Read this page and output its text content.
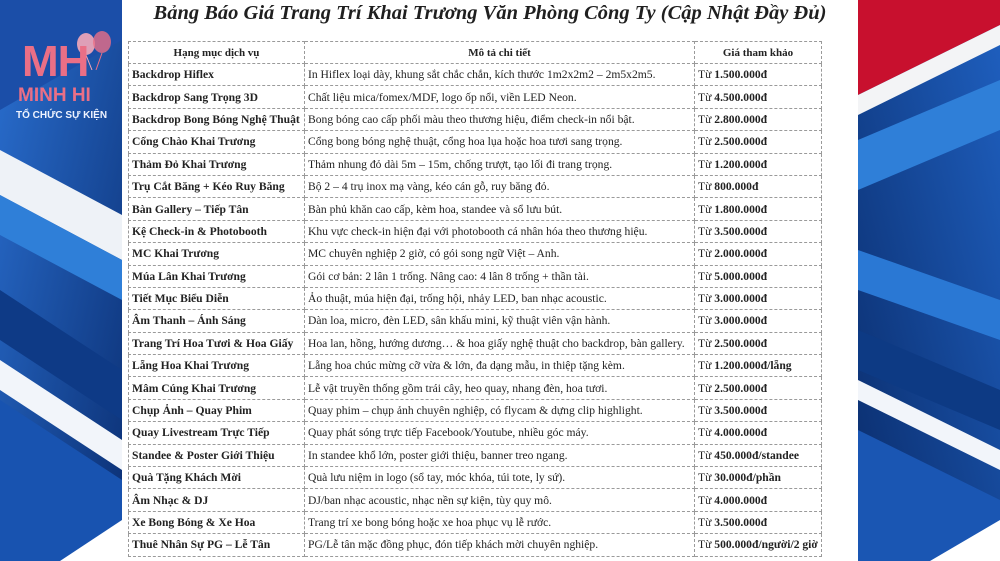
MH
MINH HI
TỔ CHỨC SỰ KIỆN
Bảng Báo Giá Trang Trí Khai Trương Văn Phòng Công Ty (Cập Nhật Đầy Đủ)
Hạng mục dịch vụ	Mô tả chi tiết	Giá tham khảo
Backdrop Hiflex	In Hiflex loại dày, khung sắt chắc chắn, kích thước 1m2x2m2 – 2m5x2m5.	Từ 1.500.000đ
Backdrop Sang Trọng 3D	Chất liệu mica/fomex/MDF, logo ốp nổi, viền LED Neon.	Từ 4.500.000đ
Backdrop Bong Bóng Nghệ Thuật	Bong bóng cao cấp phối màu theo thương hiệu, điểm check-in nổi bật.	Từ 2.800.000đ
Cổng Chào Khai Trương	Cổng bong bóng nghệ thuật, cổng hoa lụa hoặc hoa tươi sang trọng.	Từ 2.500.000đ
Thảm Đỏ Khai Trương	Thảm nhung đỏ dài 5m – 15m, chống trượt, tạo lối đi trang trọng.	Từ 1.200.000đ
Trụ Cắt Băng + Kéo Ruy Băng	Bộ 2 – 4 trụ inox mạ vàng, kéo cán gỗ, ruy băng đỏ.	Từ 800.000đ
Bàn Gallery – Tiếp Tân	Bàn phủ khăn cao cấp, kèm hoa, standee và sổ lưu bút.	Từ 1.800.000đ
Kệ Check-in & Photobooth	Khu vực check-in hiện đại với photobooth cá nhân hóa theo thương hiệu.	Từ 3.500.000đ
MC Khai Trương	MC chuyên nghiệp 2 giờ, có gói song ngữ Việt – Anh.	Từ 2.000.000đ
Múa Lân Khai Trương	Gói cơ bản: 2 lân 1 trống. Nâng cao: 4 lân 8 trống + thần tài.	Từ 5.000.000đ
Tiết Mục Biểu Diễn	Ảo thuật, múa hiện đại, trống hội, nhảy LED, ban nhạc acoustic.	Từ 3.000.000đ
Âm Thanh – Ánh Sáng	Dàn loa, micro, đèn LED, sân khấu mini, kỹ thuật viên vận hành.	Từ 3.000.000đ
Trang Trí Hoa Tươi & Hoa Giấy	Hoa lan, hồng, hướng dương… & hoa giấy nghệ thuật cho backdrop, bàn gallery.	Từ 2.500.000đ
Lẵng Hoa Khai Trương	Lẵng hoa chúc mừng cỡ vừa & lớn, đa dạng mẫu, in thiệp tặng kèm.	Từ 1.200.000đ/lẵng
Mâm Cúng Khai Trương	Lễ vật truyền thống gồm trái cây, heo quay, nhang đèn, hoa tươi.	Từ 2.500.000đ
Chụp Ảnh – Quay Phim	Quay phim – chụp ảnh chuyên nghiệp, có flycam & dựng clip highlight.	Từ 3.500.000đ
Quay Livestream Trực Tiếp	Quay phát sóng trực tiếp Facebook/Youtube, nhiều góc máy.	Từ 4.000.000đ
Standee & Poster Giới Thiệu	In standee khổ lớn, poster giới thiệu, banner treo ngang.	Từ 450.000đ/standee
Quà Tặng Khách Mời	Quà lưu niệm in logo (sổ tay, móc khóa, túi tote, ly sứ).	Từ 30.000đ/phần
Âm Nhạc & DJ	DJ/ban nhạc acoustic, nhạc nền sự kiện, tùy quy mô.	Từ 4.000.000đ
Xe Bong Bóng & Xe Hoa	Trang trí xe bong bóng hoặc xe hoa phục vụ lễ rước.	Từ 3.500.000đ
Thuê Nhân Sự PG – Lễ Tân	PG/Lễ tân mặc đồng phục, đón tiếp khách mời chuyên nghiệp.	Từ 500.000đ/người/2 giờ
